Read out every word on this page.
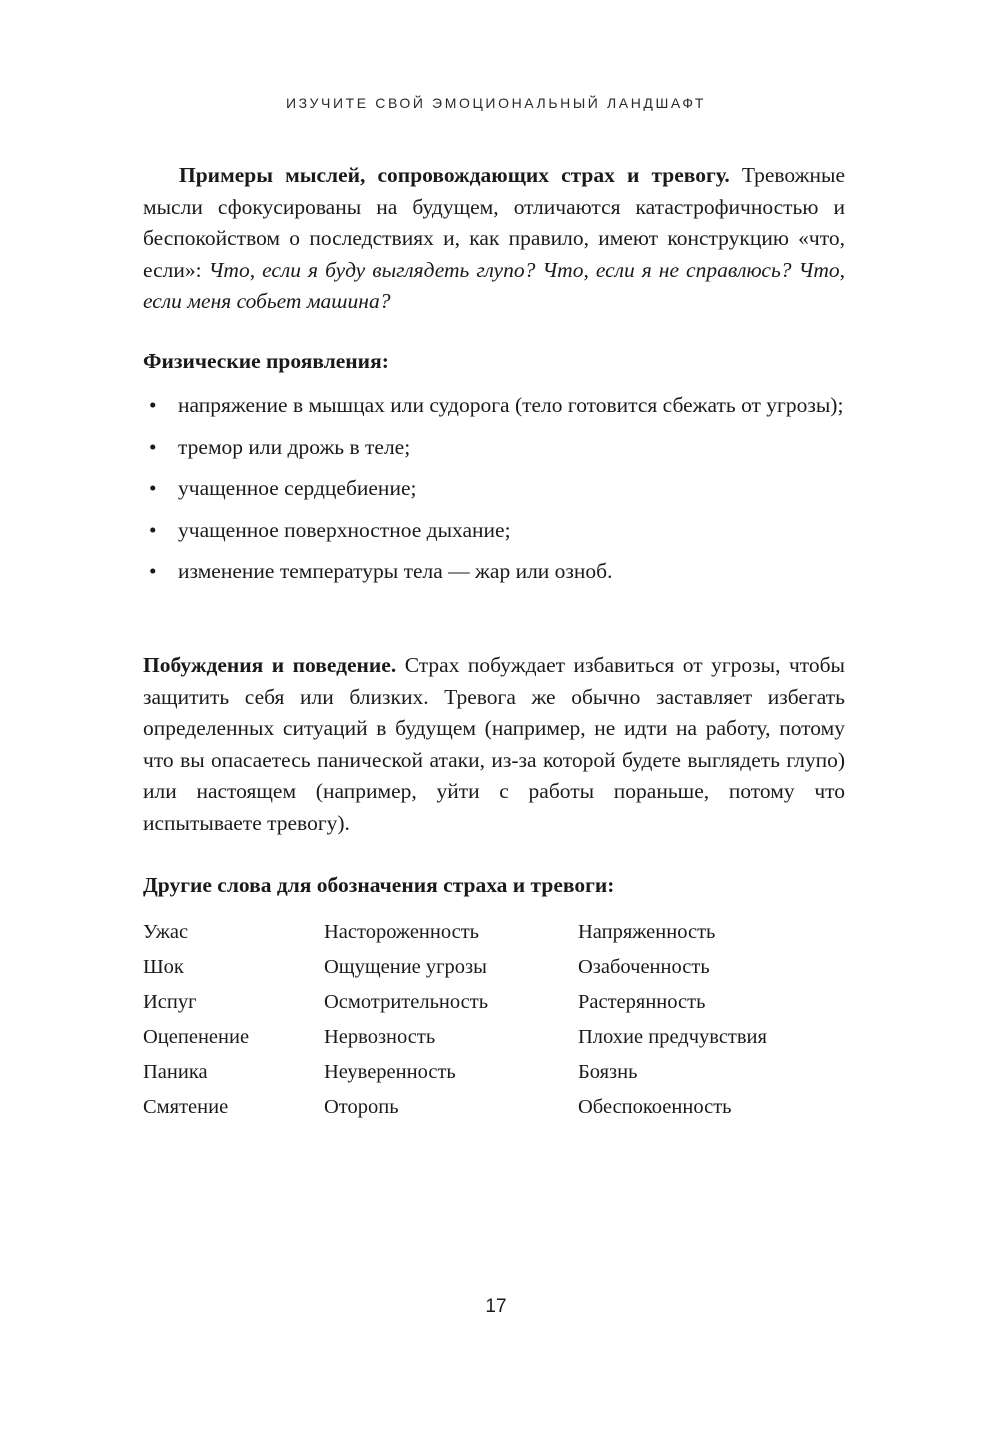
ИЗУЧИТЕ СВОЙ ЭМОЦИОНАЛЬНЫЙ ЛАНДШАФТ

Примеры мыслей, сопровождающих страх и тревогу. Тревожные мысли сфокусированы на будущем, отличаются катастрофичностью и беспокойством о последствиях и, как правило, имеют конструкцию «что, если»: Что, если я буду выглядеть глупо? Что, если я не справлюсь? Что, если меня собьет машина?

Физические проявления:
• напряжение в мышцах или судорога (тело готовится сбежать от угрозы);
• тремор или дрожь в теле;
• учащенное сердцебиение;
• учащенное поверхностное дыхание;
• изменение температуры тела — жар или озноб.

Побуждения и поведение. Страх побуждает избавиться от угрозы, чтобы защитить себя или близких. Тревога же обычно заставляет избегать определенных ситуаций в будущем (например, не идти на работу, потому что вы опасаетесь панической атаки, из-за которой будете выглядеть глупо) или настоящем (например, уйти с работы пораньше, потому что испытываете тревогу).

Другие слова для обозначения страха и тревоги:
Ужас	Настороженность	Напряженность
Шок	Ощущение угрозы	Озабоченность
Испуг	Осмотрительность	Растерянность
Оцепенение	Нервозность	Плохие предчувствия
Паника	Неуверенность	Боязнь
Смятение	Оторопь	Обеспокоенность
17
